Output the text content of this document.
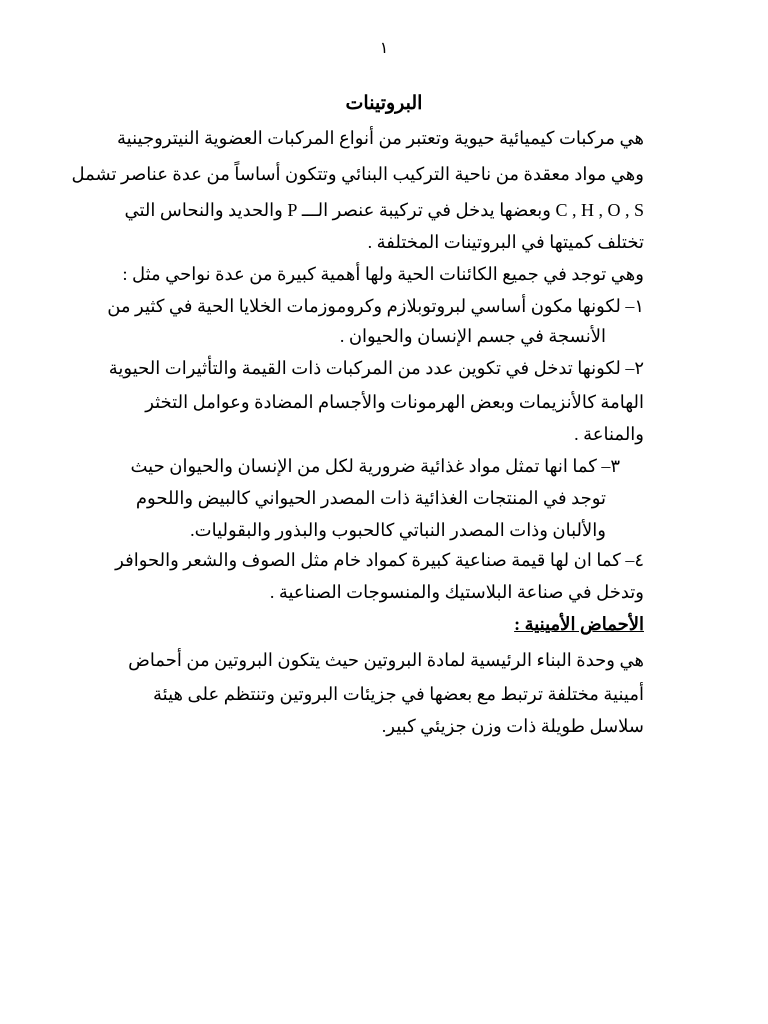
١
البروتينات
هي مركبات كيميائية حيوية وتعتبر من أنواع المركبات العضوية النيتروجينية
وهي مواد معقدة من ناحية التركيب البنائي وتتكون أساساً من عدة عناصر تشمل
C , H , O , S وبعضها يدخل في تركيبة عنصر الـــ P والحديد والنحاس التي
تختلف كميتها في البروتينات المختلفة .
وهي توجد في جميع الكائنات الحية ولها أهمية كبيرة من عدة نواحي مثل :
١– لكونها مكون أساسي لبروتوبلازم وكروموزمات الخلايا الحية في كثير من
الأنسجة في جسم الإنسان والحيوان .
٢– لكونها تدخل في تكوين عدد من المركبات ذات القيمة والتأثيرات الحيوية
الهامة كالأنزيمات وبعض الهرمونات والأجسام المضادة وعوامل التخثر
والمناعة .
٣– كما انها تمثل مواد غذائية ضرورية لكل من الإنسان والحيوان حيث
توجد في المنتجات الغذائية ذات المصدر الحيواني كالبيض واللحوم
والألبان وذات المصدر النباتي كالحبوب والبذور والبقوليات.
٤– كما ان لها قيمة صناعية كبيرة كمواد خام مثل الصوف والشعر والحوافر
وتدخل في صناعة البلاستيك والمنسوجات الصناعية .
الأحماض الأمينية :
هي وحدة البناء الرئيسية لمادة البروتين حيث يتكون البروتين من أحماض
أمينية مختلفة ترتبط مع بعضها في جزيئات البروتين وتنتظم على هيئة
سلاسل طويلة ذات وزن جزيئي كبير.
